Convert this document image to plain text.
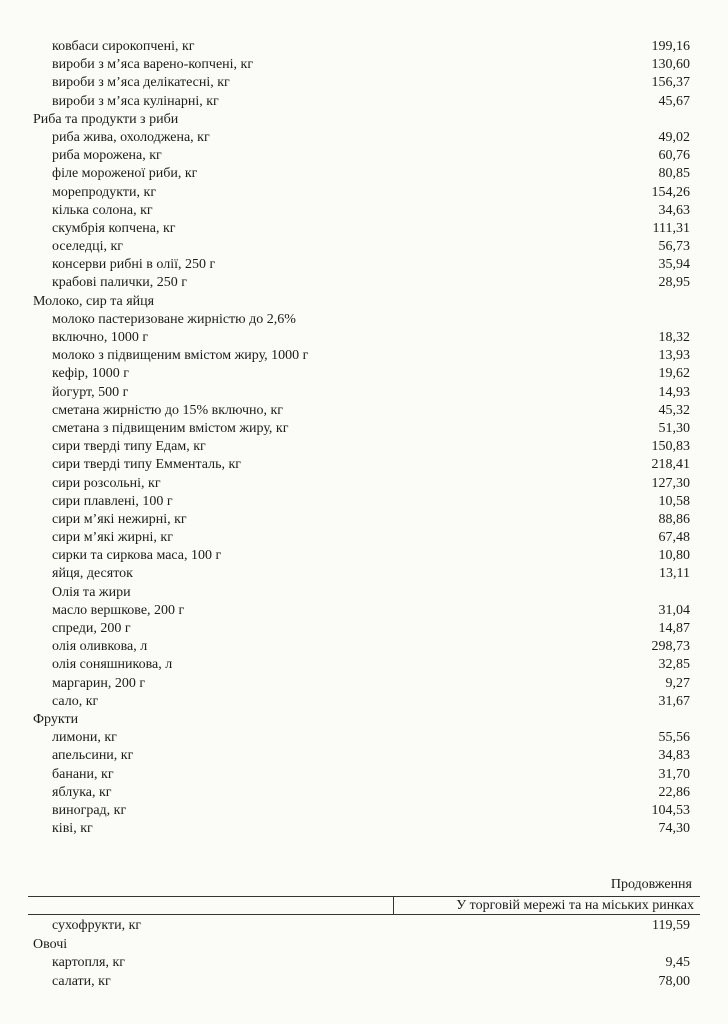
ковбаси сирокопчені, кг	199,16
вироби з м’яса варено-копчені, кг	130,60
вироби з м’яса делікатесні, кг	156,37
вироби з м’яса кулінарні, кг	45,67
Риба та продукти з риби
риба жива, охолоджена, кг	49,02
риба морожена, кг	60,76
філе мороженої риби, кг	80,85
морепродукти, кг	154,26
кілька солона, кг	34,63
скумбрія копчена, кг	111,31
оселедці, кг	56,73
консерви рибні в олії, 250 г	35,94
крабові палички, 250 г	28,95
Молоко, сир та яйця
молоко пастеризоване жирністю до 2,6%
включно, 1000 г	18,32
молоко з підвищеним вмістом жиру, 1000 г	13,93
кефір, 1000 г	19,62
йогурт, 500 г	14,93
сметана жирністю до 15% включно, кг	45,32
сметана з підвищеним вмістом жиру, кг	51,30
сири тверді типу Едам, кг	150,83
сири тверді типу Емменталь, кг	218,41
сири розсольні, кг	127,30
сири плавлені, 100 г	10,58
сири м’які нежирні, кг	88,86
сири м’які жирні, кг	67,48
сирки та сиркова маса, 100 г	10,80
яйця, десяток	13,11
Олія та жири
масло вершкове, 200 г	31,04
спреди, 200 г	14,87
олія оливкова, л	298,73
олія соняшникова, л	32,85
маргарин, 200 г	9,27
сало, кг	31,67
Фрукти
лимони, кг	55,56
апельсини, кг	34,83
банани, кг	31,70
яблука, кг	22,86
виноград, кг	104,53
ківі, кг	74,30
Продовження
У торговій мережі та на міських ринках
сухофрукти, кг	119,59
Овочі
картопля, кг	9,45
салати, кг	78,00
